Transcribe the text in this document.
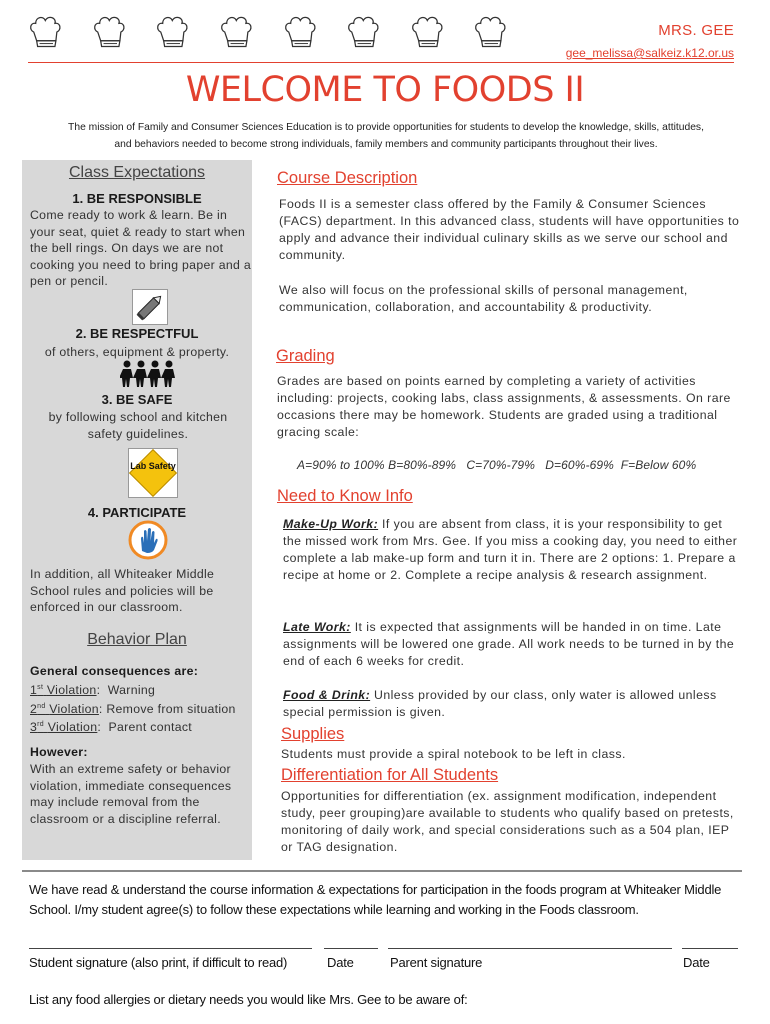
MRS. GEE
gee_melissa@salkeiz.k12.or.us
WELCOME TO FOODS II
The mission of Family and Consumer Sciences Education is to provide opportunities for students to develop the knowledge, skills, attitudes,
and behaviors needed to become strong individuals, family members and community participants throughout their lives.
Class Expectations
1. BE RESPONSIBLE
Come ready to work & learn. Be in your seat, quiet & ready to start when the bell rings. On days we are not cooking you need to bring paper and a pen or pencil.
2. BE RESPECTFUL
of others, equipment & property.
3. BE SAFE
by following school and kitchen safety guidelines.
Lab Safety
4. PARTICIPATE
In addition, all Whiteaker Middle School rules and policies will be enforced in our classroom.
Behavior Plan
General consequences are:
1st Violation:  Warning
2nd Violation: Remove from situation
3rd Violation:  Parent contact
However:
With an extreme safety or behavior violation, immediate consequences may include removal from the classroom or a discipline referral.
Course Description
Foods II is a semester class offered by the Family & Consumer Sciences (FACS) department. In this advanced class, students will have opportunities to apply and advance their individual culinary skills as we serve our school and community.
We also will focus on the professional skills of personal management, communication, collaboration, and accountability & productivity.
Grading
Grades are based on points earned by completing a variety of activities including: projects, cooking labs, class assignments, & assessments. On rare occasions there may be homework. Students are graded using a traditional gracing scale:
A=90% to 100% B=80%-89%   C=70%-79%   D=60%-69%  F=Below 60%
Need to Know Info
Make-Up Work: If you are absent from class, it is your responsibility to get the missed work from Mrs. Gee. If you miss a cooking day, you need to either complete a lab make-up form and turn it in. There are 2 options: 1. Prepare a recipe at home or 2. Complete a recipe analysis & research assignment.
Late Work: It is expected that assignments will be handed in on time. Late assignments will be lowered one grade. All work needs to be turned in by the end of each 6 weeks for credit.
Food & Drink: Unless provided by our class, only water is allowed unless special permission is given.
Supplies
Students must provide a spiral notebook to be left in class.
Differentiation for All Students
Opportunities for differentiation (ex. assignment modification, independent study, peer grouping)are available to students who qualify based on pretests, monitoring of daily work, and special considerations such as a 504 plan, IEP or TAG designation.
We have read & understand the course information & expectations for participation in the foods program at Whiteaker Middle School. I/my student agree(s) to follow these expectations while learning and working in the Foods classroom.
Student signature (also print, if difficult to read)	Date	Parent signature	Date
List any food allergies or dietary needs you would like Mrs. Gee to be aware of:
